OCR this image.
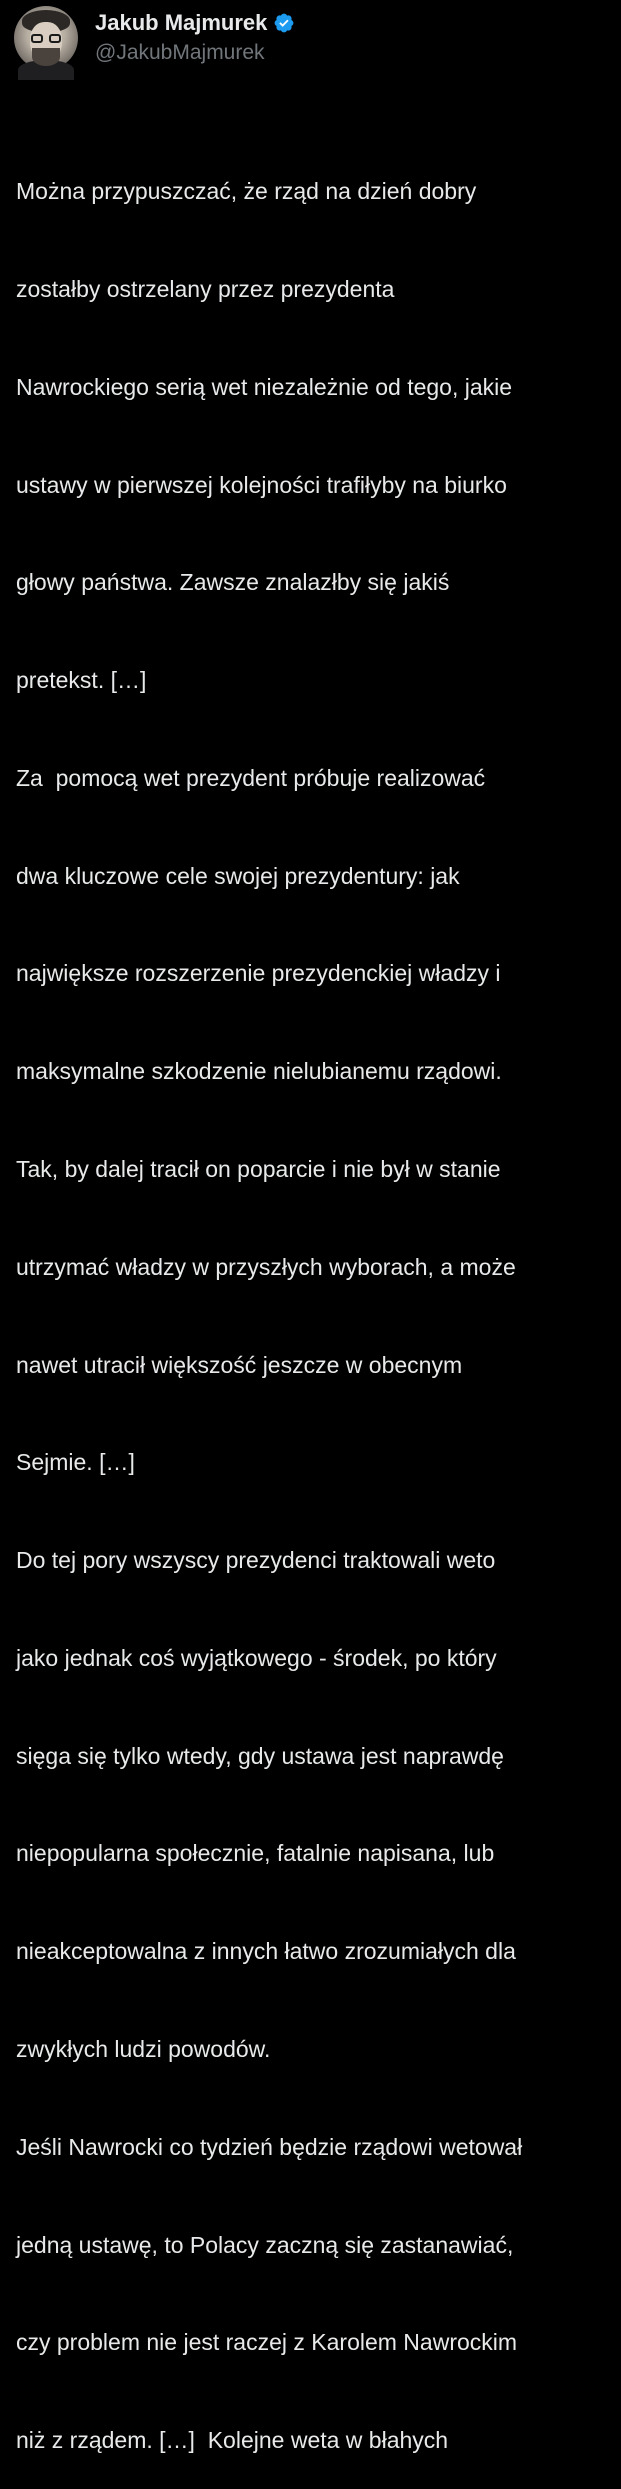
Jakub Majmurek
@JakubMajmurek

Można przypuszczać, że rząd na dzień dobry

zostałby ostrzelany przez prezydenta

Nawrockiego serią wet niezależnie od tego, jakie

ustawy w pierwszej kolejności trafiłyby na biurko

głowy państwa. Zawsze znalazłby się jakiś

pretekst. […]

Za  pomocą wet prezydent próbuje realizować

dwa kluczowe cele swojej prezydentury: jak

największe rozszerzenie prezydenckiej władzy i

maksymalne szkodzenie nielubianemu rządowi.

Tak, by dalej tracił on poparcie i nie był w stanie

utrzymać władzy w przyszłych wyborach, a może

nawet utracił większość jeszcze w obecnym

Sejmie. […]

Do tej pory wszyscy prezydenci traktowali weto

jako jednak coś wyjątkowego - środek, po który

sięga się tylko wtedy, gdy ustawa jest naprawdę

niepopularna społecznie, fatalnie napisana, lub

nieakceptowalna z innych łatwo zrozumiałych dla

zwykłych ludzi powodów.

Jeśli Nawrocki co tydzień będzie rządowi wetował

jedną ustawę, to Polacy zaczną się zastanawiać,

czy problem nie jest raczej z Karolem Nawrockim

niż z rządem. […]  Kolejne weta w błahych
